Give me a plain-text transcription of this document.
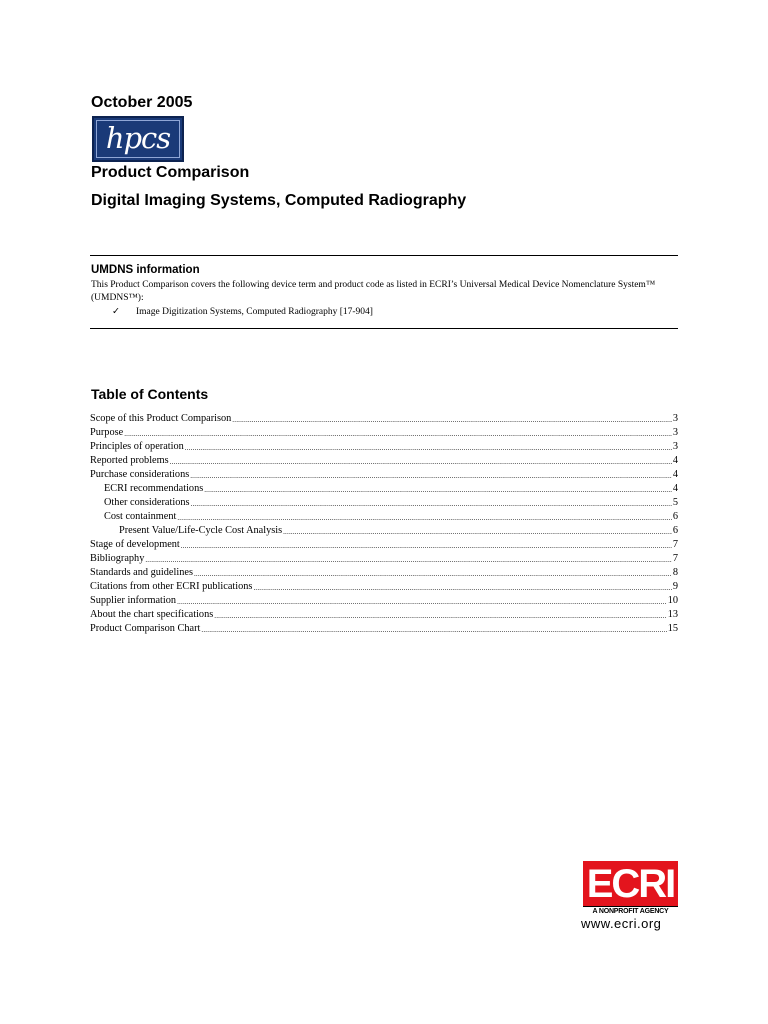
October 2005
hpcs
Product Comparison
Digital Imaging Systems, Computed Radiography
UMDNS information
This Product Comparison covers the following device term and product code as listed in ECRI’s Universal Medical Device Nomenclature System™ (UMDNS™):
✓ Image Digitization Systems, Computed Radiography [17-904]
Table of Contents
Scope of this Product Comparison .....	3
Purpose .....	3
Principles of operation .....	3
Reported problems .....	4
Purchase considerations .....	4
ECRI recommendations .....	4
Other considerations .....	5
Cost containment .....	6
Present Value/Life-Cycle Cost Analysis .....	6
Stage of development .....	7
Bibliography .....	7
Standards and guidelines .....	8
Citations from other ECRI publications .....	9
Supplier information .....	10
About the chart specifications .....	13
Product Comparison Chart .....	15
ECRI
A NONPROFIT AGENCY
www.ecri.org
